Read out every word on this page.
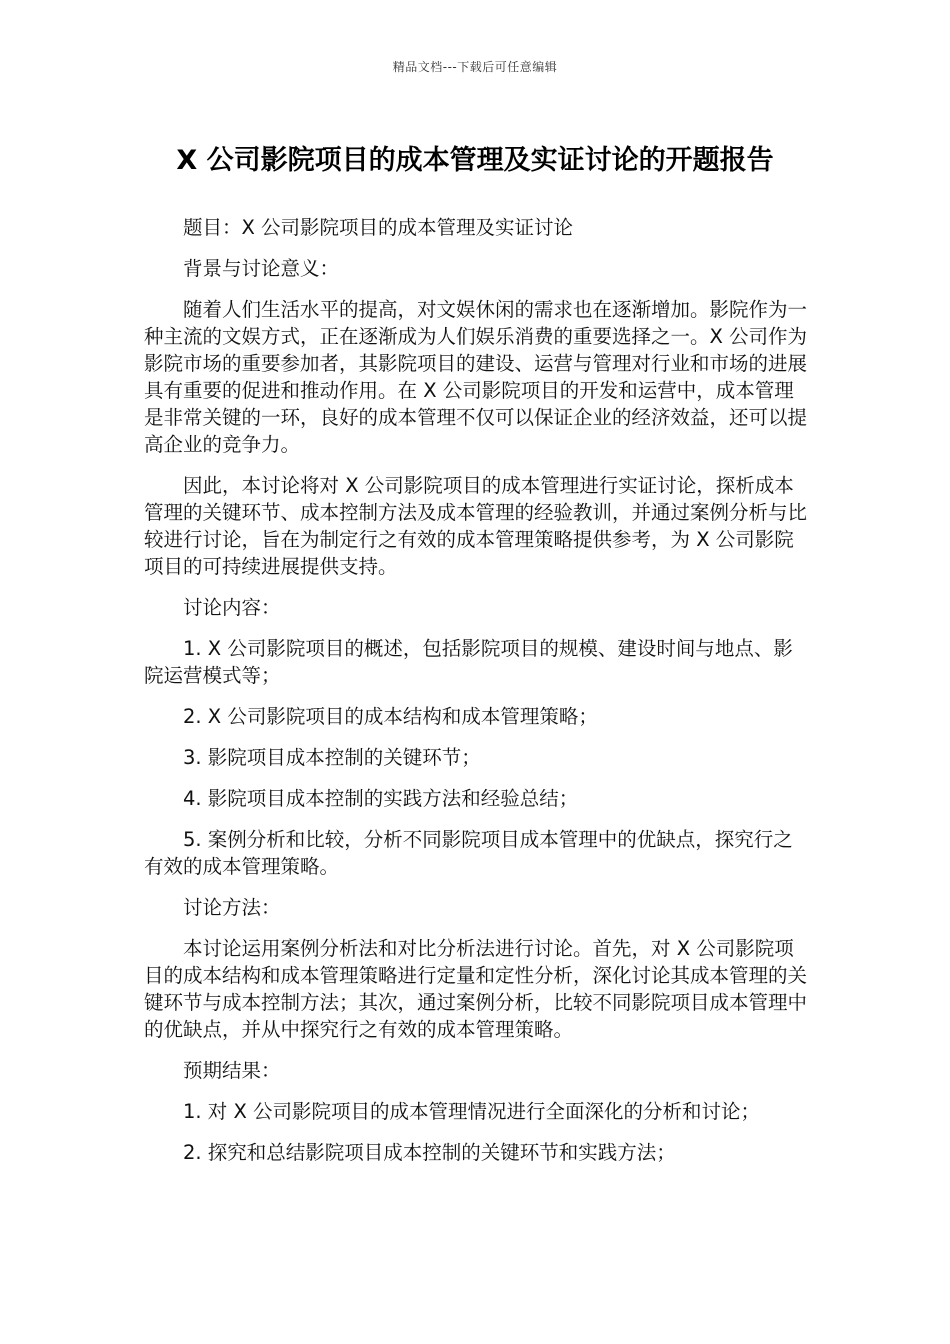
精品文档---下载后可任意编辑
X 公司影院项目的成本管理及实证讨论的开题报告

题目：X 公司影院项目的成本管理及实证讨论

背景与讨论意义：

随着人们生活水平的提高，对文娱休闲的需求也在逐渐增加。影院作为一种主流的文娱方式，正在逐渐成为人们娱乐消费的重要选择之一。X 公司作为影院市场的重要参加者，其影院项目的建设、运营与管理对行业和市场的进展具有重要的促进和推动作用。在 X 公司影院项目的开发和运营中，成本管理是非常关键的一环，良好的成本管理不仅可以保证企业的经济效益，还可以提高企业的竞争力。

因此，本讨论将对 X 公司影院项目的成本管理进行实证讨论，探析成本管理的关键环节、成本控制方法及成本管理的经验教训，并通过案例分析与比较进行讨论，旨在为制定行之有效的成本管理策略提供参考，为 X 公司影院项目的可持续进展提供支持。

讨论内容：

1. X 公司影院项目的概述，包括影院项目的规模、建设时间与地点、影院运营模式等；

2. X 公司影院项目的成本结构和成本管理策略；

3. 影院项目成本控制的关键环节；

4. 影院项目成本控制的实践方法和经验总结；

5. 案例分析和比较，分析不同影院项目成本管理中的优缺点，探究行之有效的成本管理策略。

讨论方法：

本讨论运用案例分析法和对比分析法进行讨论。首先，对 X 公司影院项目的成本结构和成本管理策略进行定量和定性分析，深化讨论其成本管理的关键环节与成本控制方法；其次，通过案例分析，比较不同影院项目成本管理中的优缺点，并从中探究行之有效的成本管理策略。

预期结果：

1. 对 X 公司影院项目的成本管理情况进行全面深化的分析和讨论；

2. 探究和总结影院项目成本控制的关键环节和实践方法；
